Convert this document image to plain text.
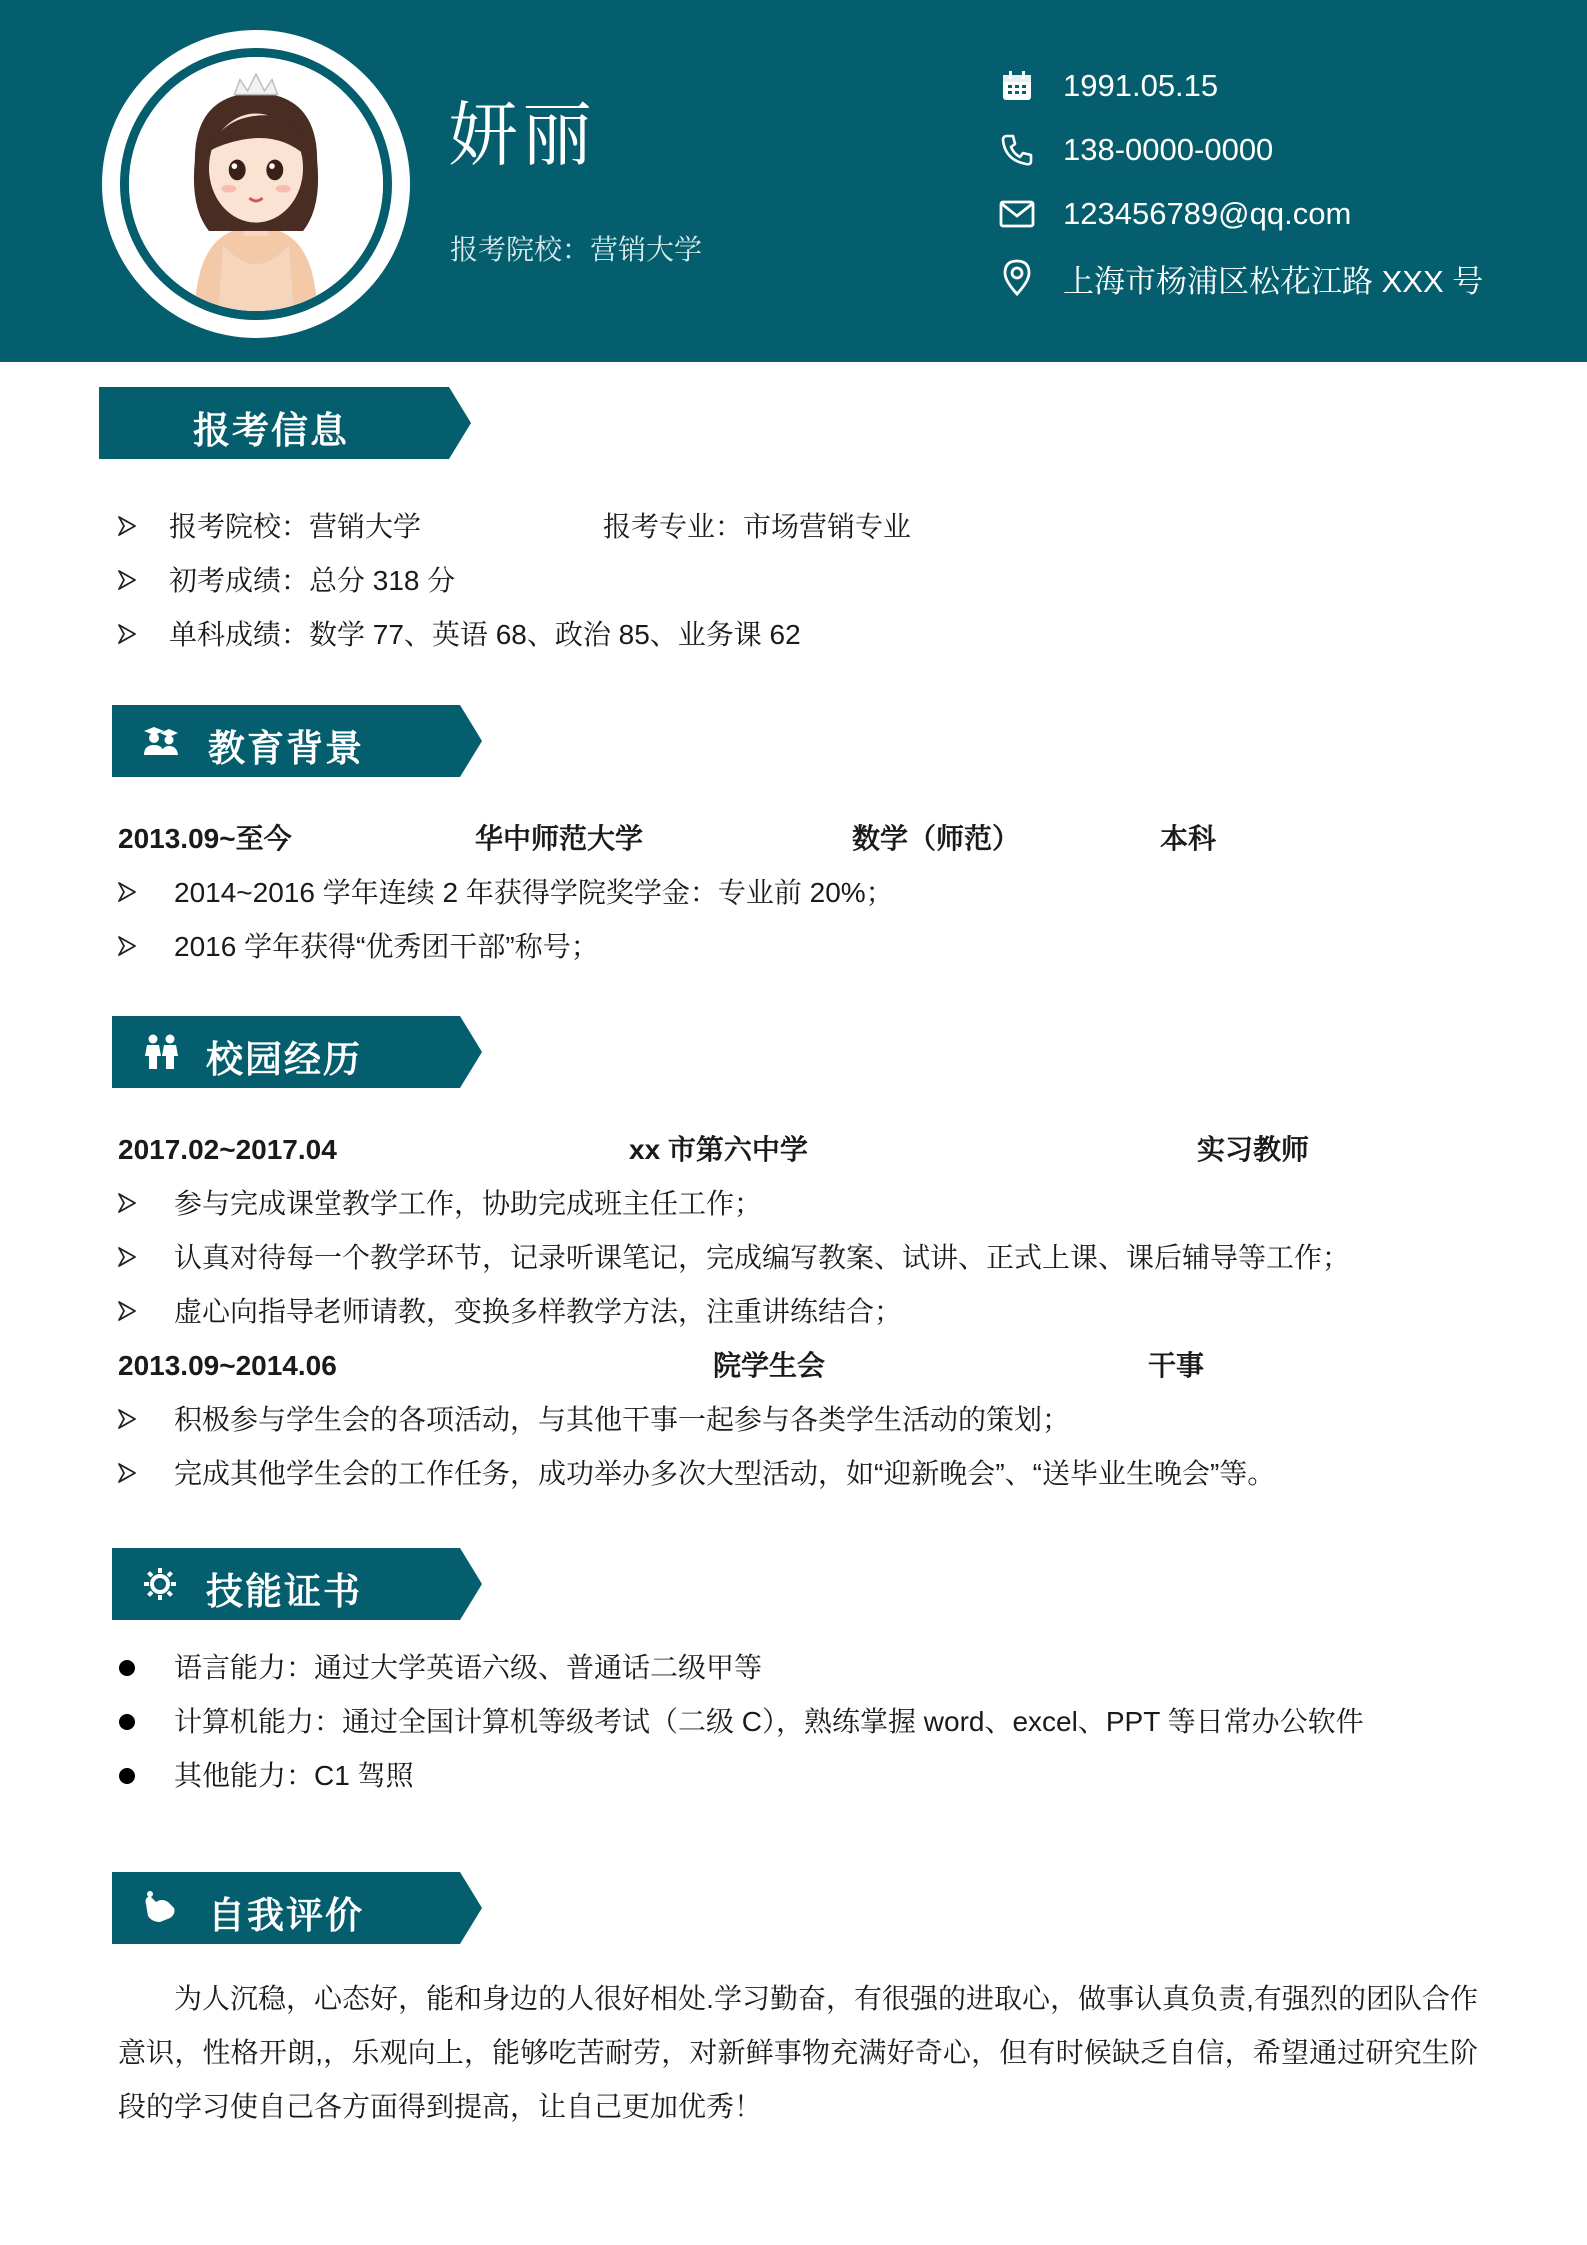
妍丽
报考院校：营销大学
1991.05.15
138-0000-0000
123456789@qq.com
上海市杨浦区松花江路 XXX 号
报考信息
报考院校：营销大学	报考专业：市场营销专业
初考成绩：总分 318 分
单科成绩：数学 77、英语 68、政治 85、业务课 62
教育背景
2013.09~至今	华中师范大学	数学（师范）	本科
2014~2016 学年连续 2 年获得学院奖学金：专业前 20%；
2016 学年获得“优秀团干部”称号；
校园经历
2017.02~2017.04	xx 市第六中学	实习教师
参与完成课堂教学工作，协助完成班主任工作；
认真对待每一个教学环节，记录听课笔记，完成编写教案、试讲、正式上课、课后辅导等工作；
虚心向指导老师请教，变换多样教学方法，注重讲练结合；
2013.09~2014.06	院学生会	干事
积极参与学生会的各项活动，与其他干事一起参与各类学生活动的策划；
完成其他学生会的工作任务，成功举办多次大型活动，如“迎新晚会”、“送毕业生晚会”等。
技能证书
语言能力：通过大学英语六级、普通话二级甲等
计算机能力：通过全国计算机等级考试（二级 C），熟练掌握 word、excel、PPT 等日常办公软件
其他能力：C1 驾照
自我评价
为人沉稳，心态好，能和身边的人很好相处.学习勤奋，有很强的进取心，做事认真负责,有强烈的团队合作意识，性格开朗,，乐观向上，能够吃苦耐劳，对新鲜事物充满好奇心，但有时候缺乏自信，希望通过研究生阶段的学习使自己各方面得到提高，让自己更加优秀！
